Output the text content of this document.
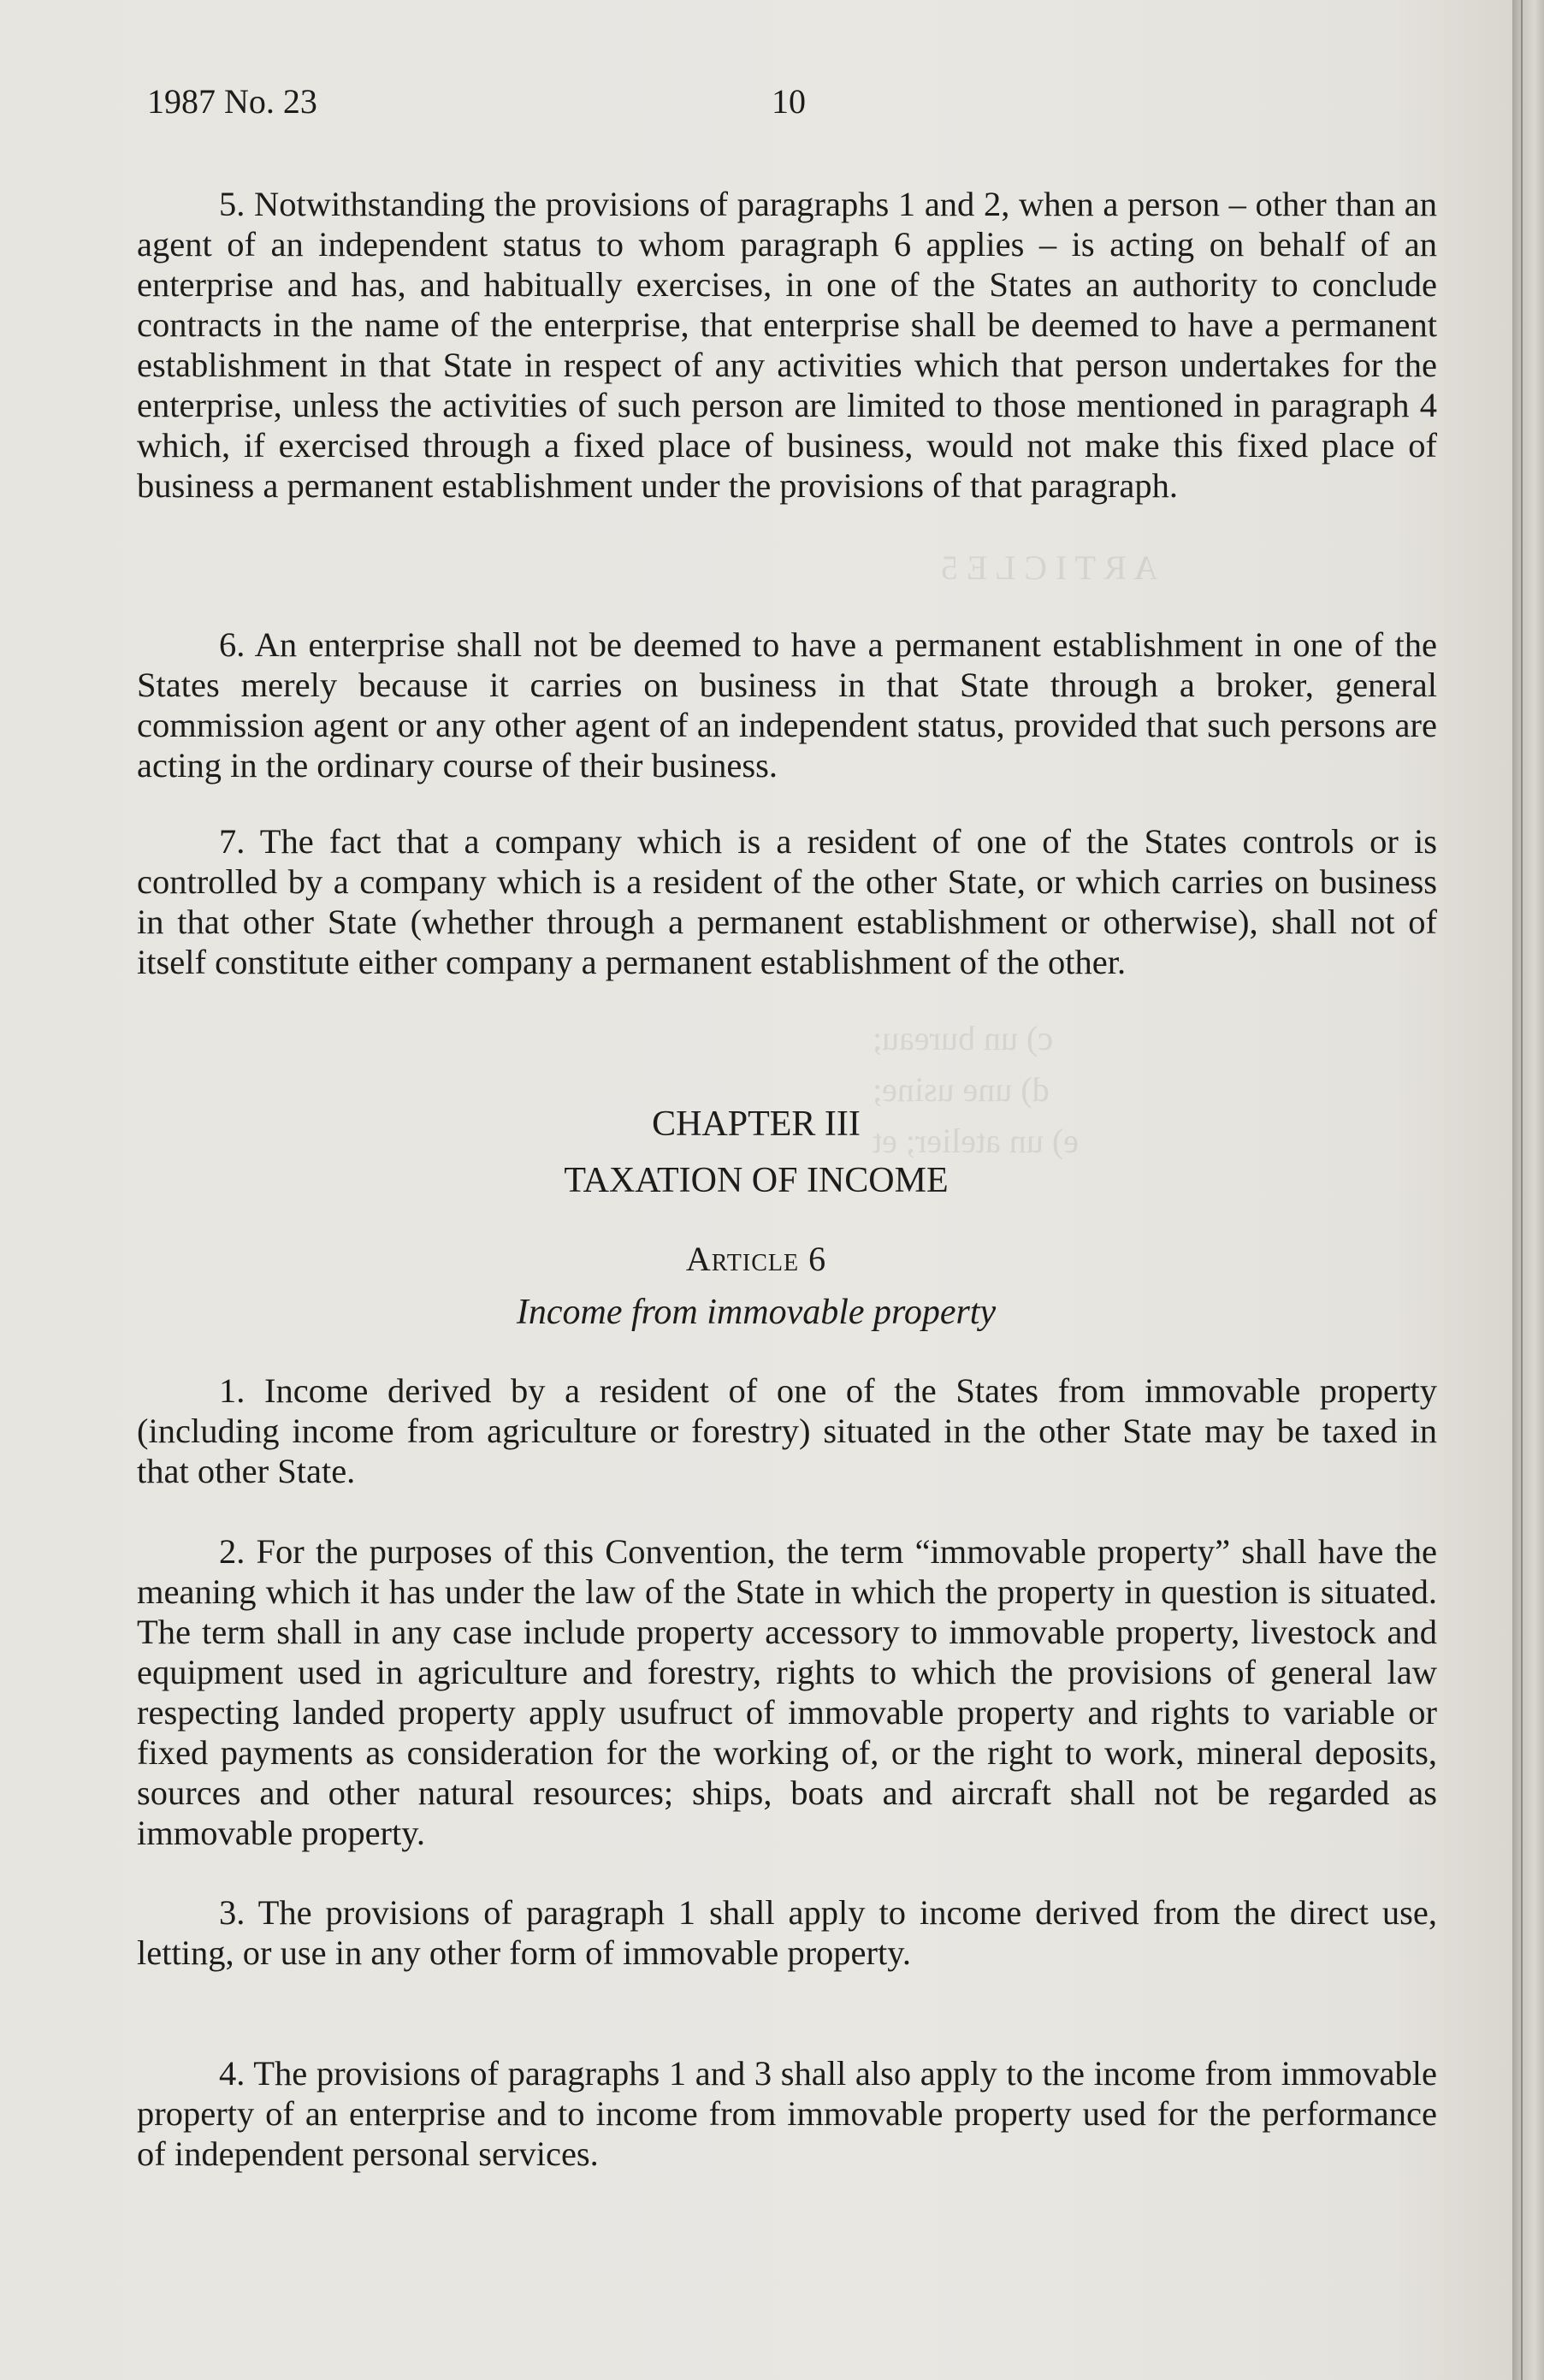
A R T I C L E 5
c) un bureau;
d) une usine;
e) un atelier; et
1987 No. 23	10

5. Notwithstanding the provisions of paragraphs 1 and 2, when a person – other than an agent of an independent status to whom paragraph 6 applies – is acting on behalf of an enterprise and has, and habitually exercises, in one of the States an authority to conclude contracts in the name of the enterprise, that enterprise shall be deemed to have a permanent establishment in that State in respect of any activities which that person undertakes for the enterprise, unless the activities of such person are limited to those mentioned in paragraph 4 which, if exercised through a fixed place of business, would not make this fixed place of business a permanent establishment under the provisions of that paragraph.

6. An enterprise shall not be deemed to have a permanent establishment in one of the States merely because it carries on business in that State through a broker, general commission agent or any other agent of an independent status, provided that such persons are acting in the ordinary course of their business.

7. The fact that a company which is a resident of one of the States controls or is controlled by a company which is a resident of the other State, or which carries on business in that other State (whether through a permanent establishment or otherwise), shall not of itself constitute either company a permanent establishment of the other.

CHAPTER III

TAXATION OF INCOME

Article 6

Income from immovable property

1. Income derived by a resident of one of the States from immovable property (including income from agriculture or forestry) situated in the other State may be taxed in that other State.

2. For the purposes of this Convention, the term “immovable property” shall have the meaning which it has under the law of the State in which the property in question is situated. The term shall in any case include property accessory to immovable property, livestock and equipment used in agriculture and forestry, rights to which the provisions of general law respecting landed property apply usufruct of immovable property and rights to variable or fixed payments as consideration for the working of, or the right to work, mineral deposits, sources and other natural resources; ships, boats and aircraft shall not be regarded as immovable property.

3. The provisions of paragraph 1 shall apply to income derived from the direct use, letting, or use in any other form of immovable property.

4. The provisions of paragraphs 1 and 3 shall also apply to the income from immovable property of an enterprise and to income from immovable property used for the performance of independent personal services.
